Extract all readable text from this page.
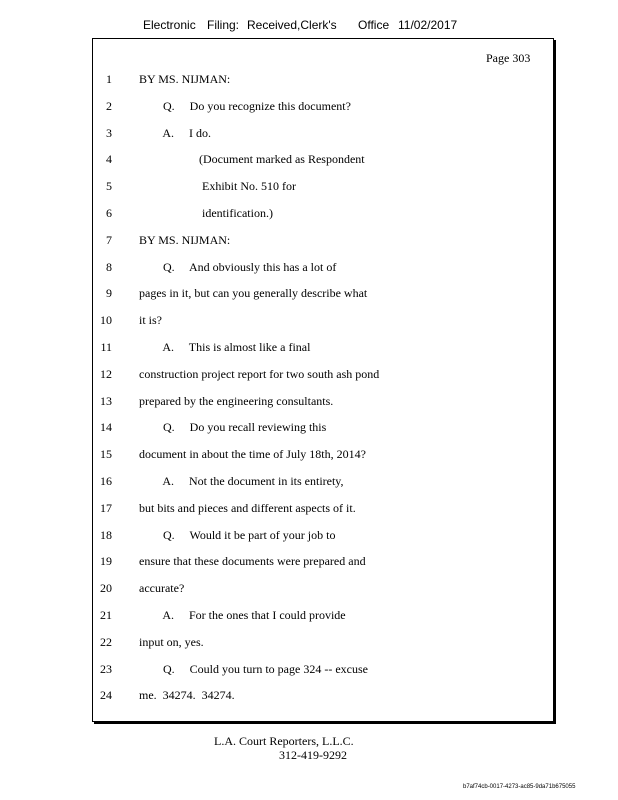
Electronic Filing: Received,Clerk's Office 11/02/2017
Page 303
1 BY MS. NIJMAN:
2 Q.     Do you recognize this document?
3 A.     I do.
4 (Document marked as Respondent
5 Exhibit No. 510 for
6 identification.)
7 BY MS. NIJMAN:
8 Q.     And obviously this has a lot of
9 pages in it, but can you generally describe what
10 it is?
11 A.     This is almost like a final
12 construction project report for two south ash pond
13 prepared by the engineering consultants.
14 Q.     Do you recall reviewing this
15 document in about the time of July 18th, 2014?
16 A.     Not the document in its entirety,
17 but bits and pieces and different aspects of it.
18 Q.     Would it be part of your job to
19 ensure that these documents were prepared and
20 accurate?
21 A.     For the ones that I could provide
22 input on, yes.
23 Q.     Could you turn to page 324 -- excuse
24 me.  34274.  34274.
L.A. Court Reporters, L.L.C.
312-419-9292
b7af74cb-0017-4273-ac85-9da71b675055
